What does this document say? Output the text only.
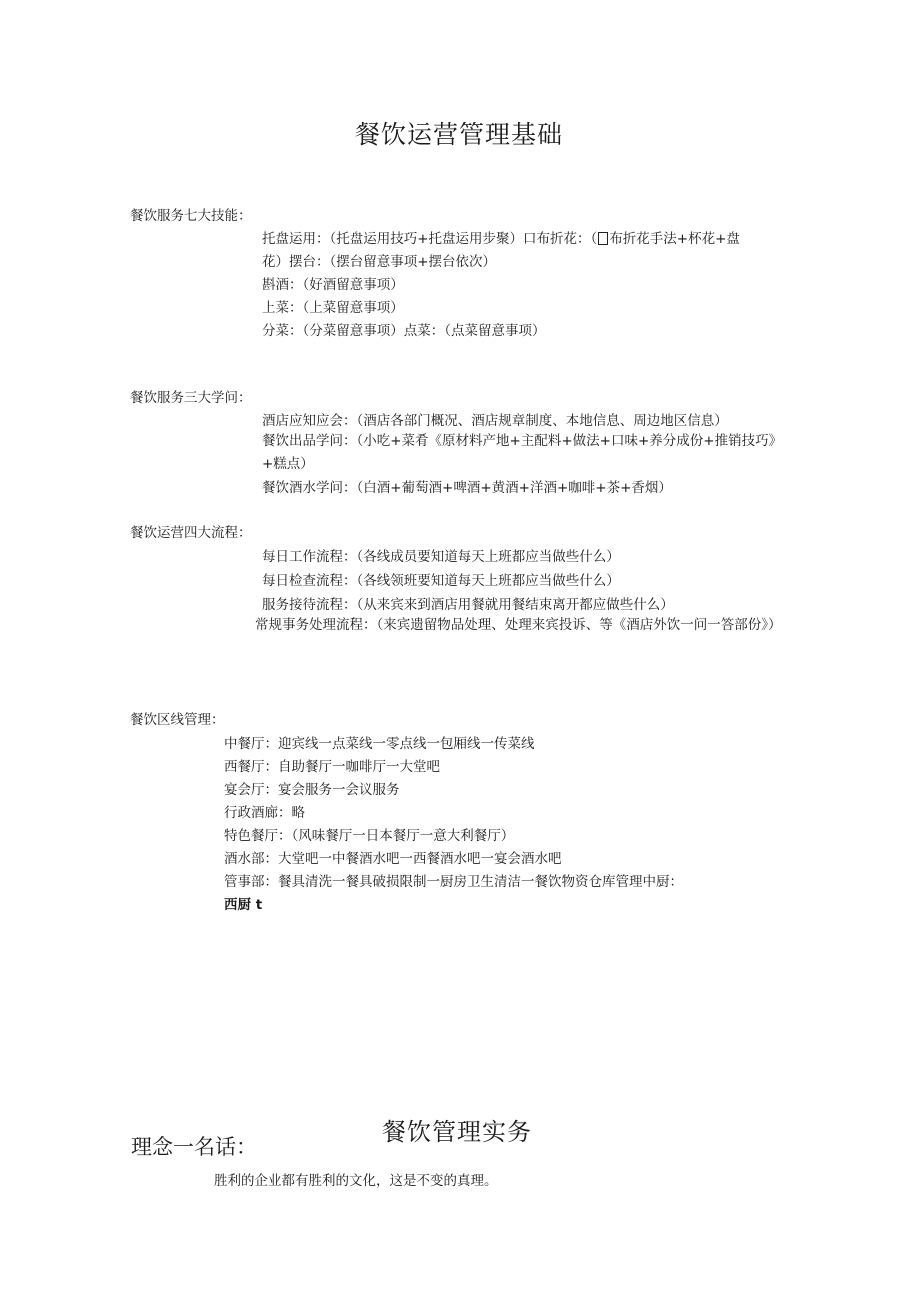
餐饮运营管理基础
餐饮服务七大技能：
托盘运用：（托盘运用技巧+托盘运用步聚）口布折花：（ 布折花手法+杯花+盘
花）摆台：（摆台留意事项+摆台依次）
斟酒：（好酒留意事项）
上菜：（上菜留意事项）
分菜：（分菜留意事项）点菜：（点菜留意事项）
餐饮服务三大学问：
酒店应知应会：（酒店各部门概况、酒店规章制度、本地信息、周边地区信息）
餐饮出品学问：（小吃+菜肴《原材料产地+主配料+做法+口味+养分成份+推销技巧》+糕点）
餐饮酒水学问：（白酒+葡萄酒+啤酒+黄酒+洋酒+咖啡+茶+香烟）
餐饮运营四大流程：
每日工作流程：（各线成员要知道每天上班都应当做些什么）
每日检查流程：（各线领班要知道每天上班都应当做些什么）
服务接待流程：（从来宾来到酒店用餐就用餐结束离开都应做些什么）
常规事务处理流程：（来宾遗留物品处理、处理来宾投诉、等《酒店外饮一问一答部份》）
餐饮区线管理：
中餐厅：迎宾线一点菜线一零点线一包厢线一传菜线
西餐厅：自助餐厅一咖啡厅一大堂吧
宴会厅：宴会服务一会议服务
行政酒廊：略
特色餐厅：（风味餐厅一日本餐厅一意大利餐厅）
酒水部：大堂吧一中餐酒水吧一西餐酒水吧一宴会酒水吧
管事部：餐具清洗一餐具破损限制一厨房卫生清洁一餐饮物资仓库管理中厨：
西厨 t
餐饮管理实务
理念一名话：
胜利的企业都有胜利的文化，这是不变的真理。
